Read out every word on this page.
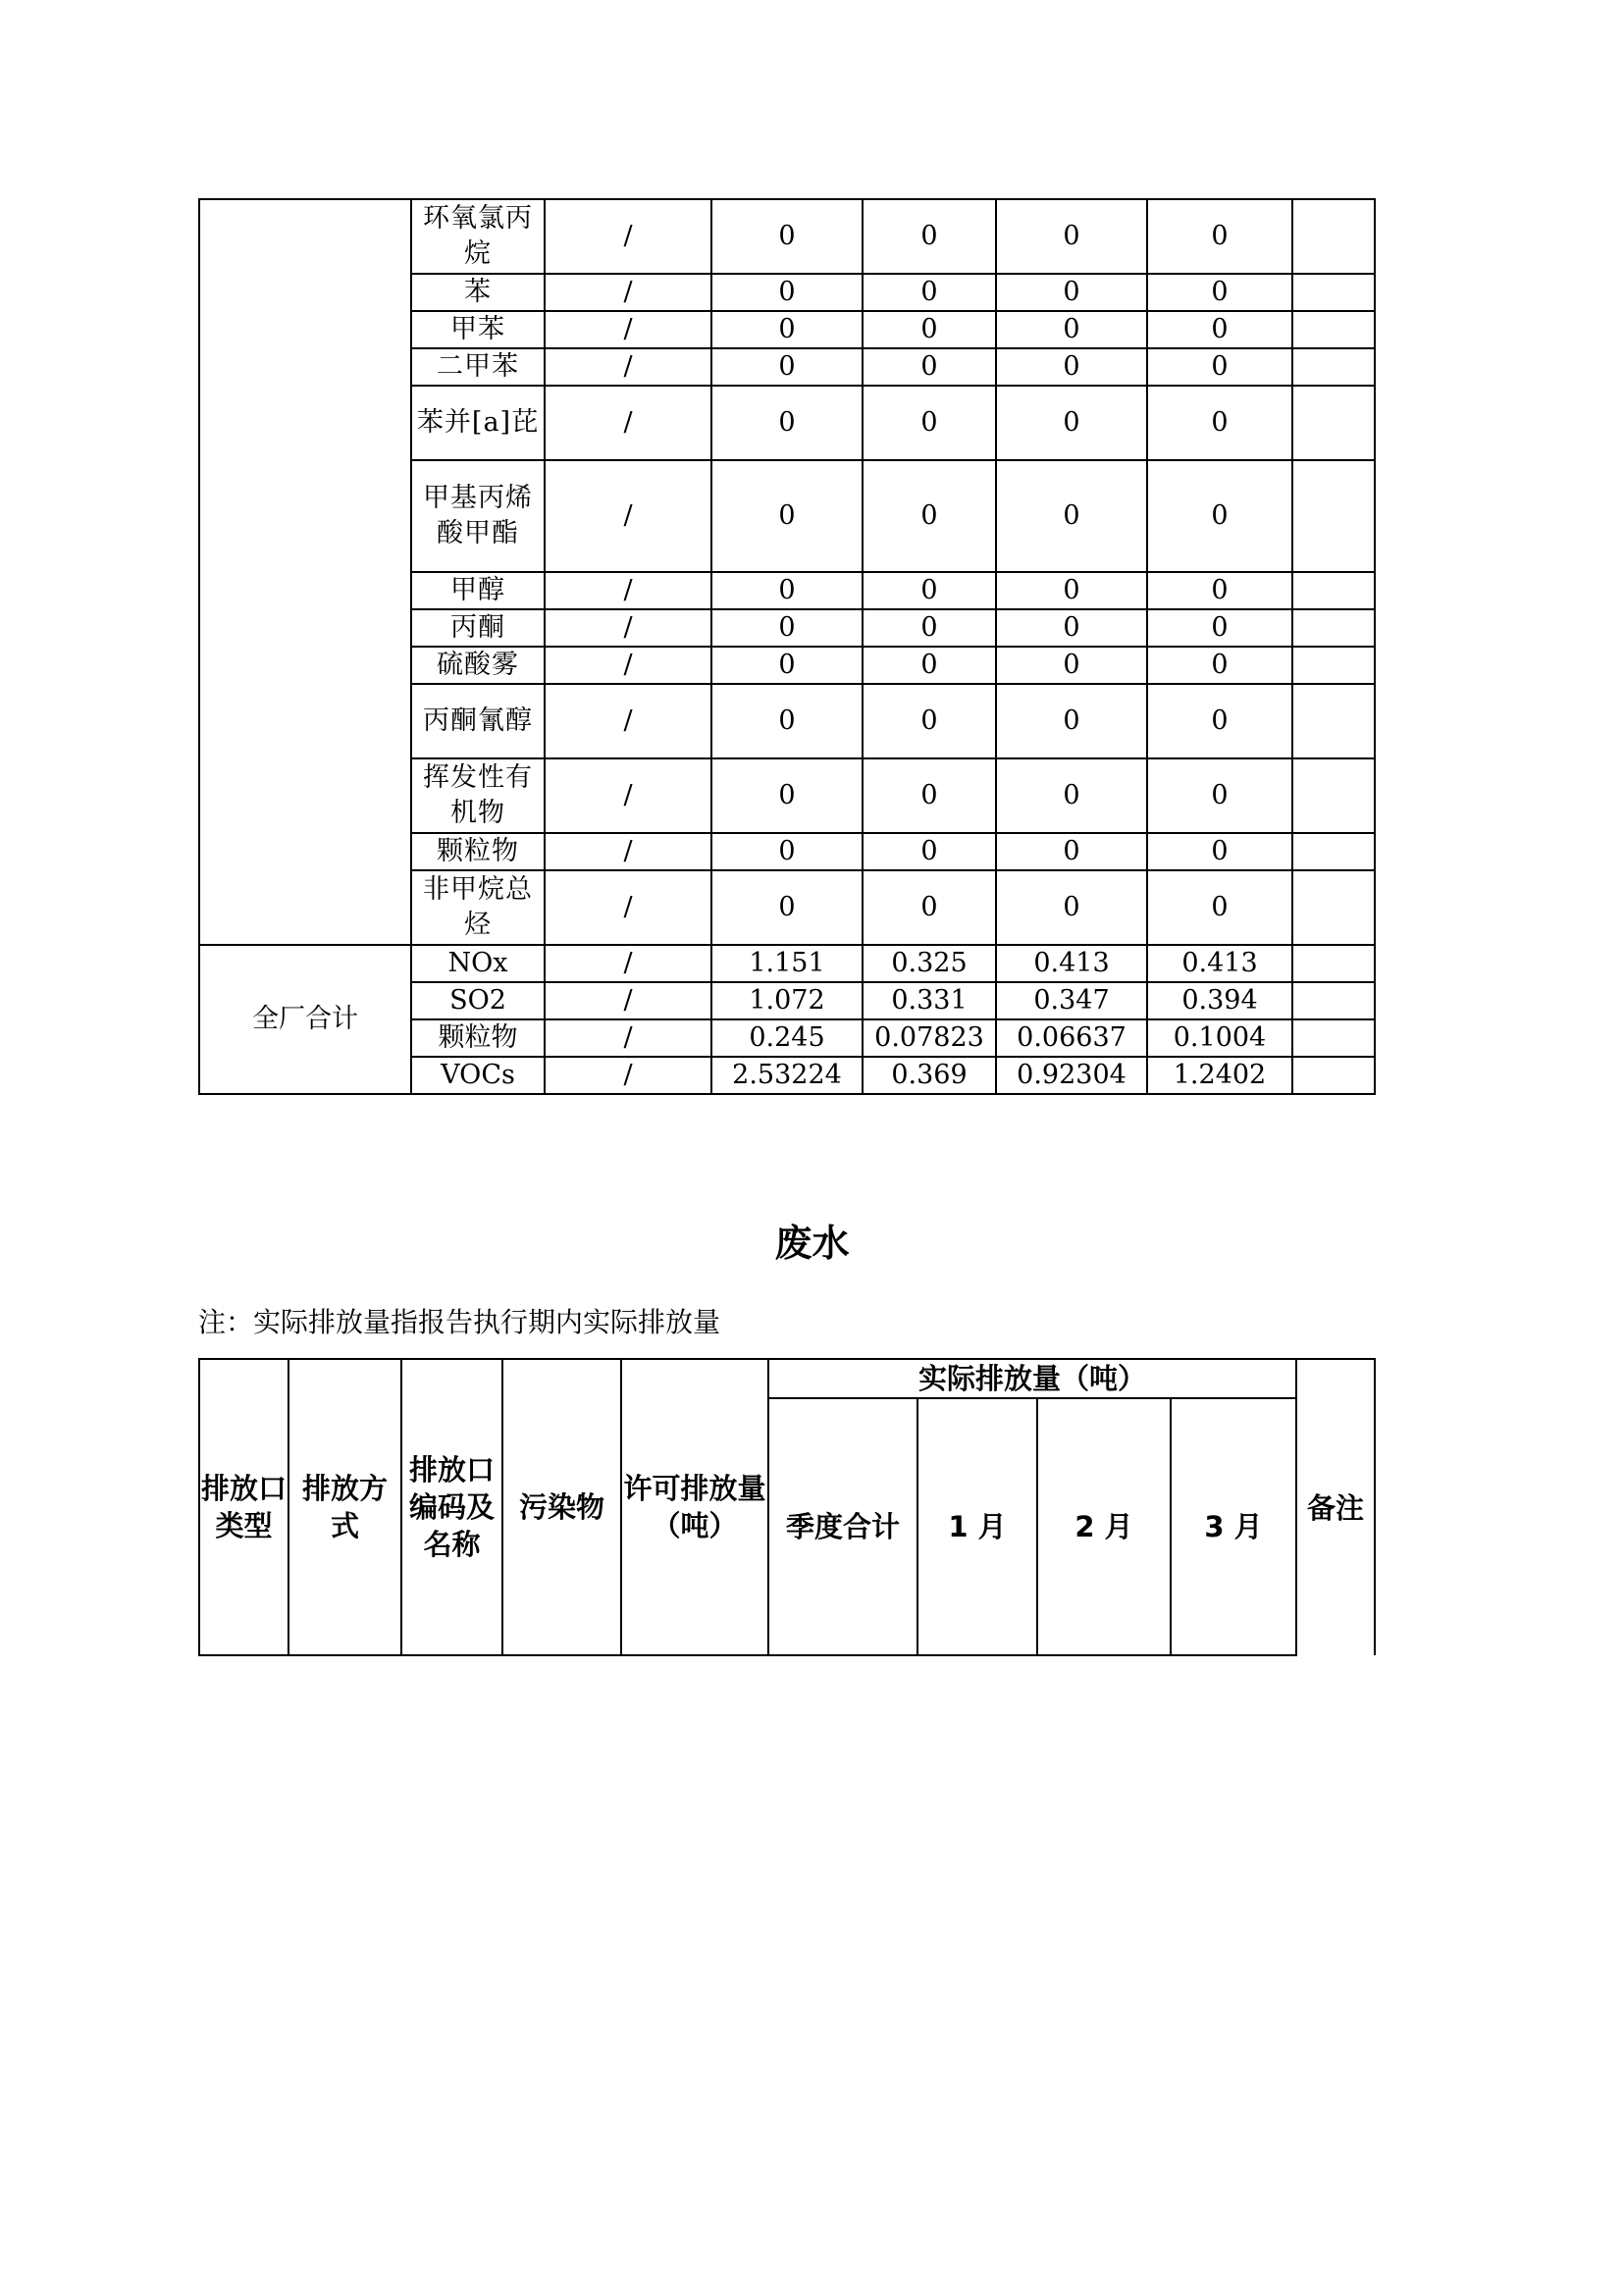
	环氧氯丙烷	/	0	0	0	0	
	苯	/	0	0	0	0	
	甲苯	/	0	0	0	0	
	二甲苯	/	0	0	0	0	
	苯并[a]芘	/	0	0	0	0	
	甲基丙烯酸甲酯	/	0	0	0	0	
	甲醇	/	0	0	0	0	
	丙酮	/	0	0	0	0	
	硫酸雾	/	0	0	0	0	
	丙酮氰醇	/	0	0	0	0	
	挥发性有机物	/	0	0	0	0	
	颗粒物	/	0	0	0	0	
	非甲烷总烃	/	0	0	0	0	
全厂合计	NOx	/	1.151	0.325	0.413	0.413	
	SO2	/	1.072	0.331	0.347	0.394	
	颗粒物	/	0.245	0.07823	0.06637	0.1004	
	VOCs	/	2.53224	0.369	0.92304	1.2402	
废水
注：实际排放量指报告执行期内实际排放量
排放口类型	排放方式	排放口编码及名称	污染物	许可排放量（吨）	实际排放量（吨）				备注
					季度合计	1 月	2 月	3 月	
